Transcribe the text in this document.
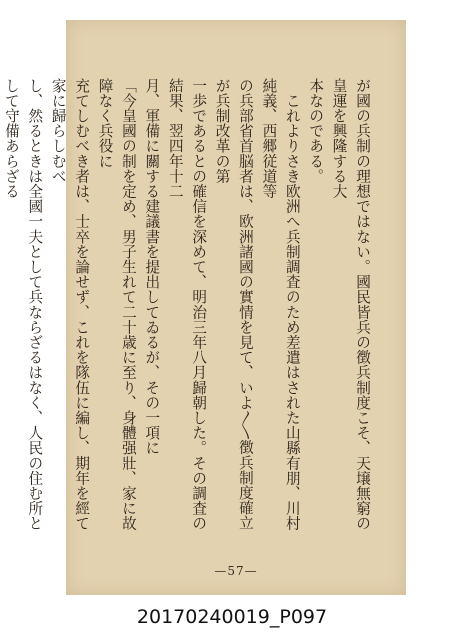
が國の兵制の理想ではない。國民皆兵の徴兵制度こそ、天壌無窮の皇運を興隆する大
本なのである。
　これよりさき欧洲へ兵制調査のため差遣はされた山縣有朋、川村純義、西郷従道等
の兵部省首脳者は、欧洲諸國の實情を見て、いよ〳〵徴兵制度確立が兵制改革の第
一歩であるとの確信を深めて、明治三年八月歸朝した。その調査の結果、翌四年十二
月、軍備に關する建議書を提出してゐるが、その一項に
「今皇國の制を定め、男子生れて二十歳に至り、身體强壯、家に故障なく兵役に
充てしむべき者は、士卒を論せず、これを隊伍に編し、期年を經て家に歸らしむべ
し、然るときは全國一夫として兵ならざるはなく、人民の住む所として守備あらざる
—57—
20170240019_P097
